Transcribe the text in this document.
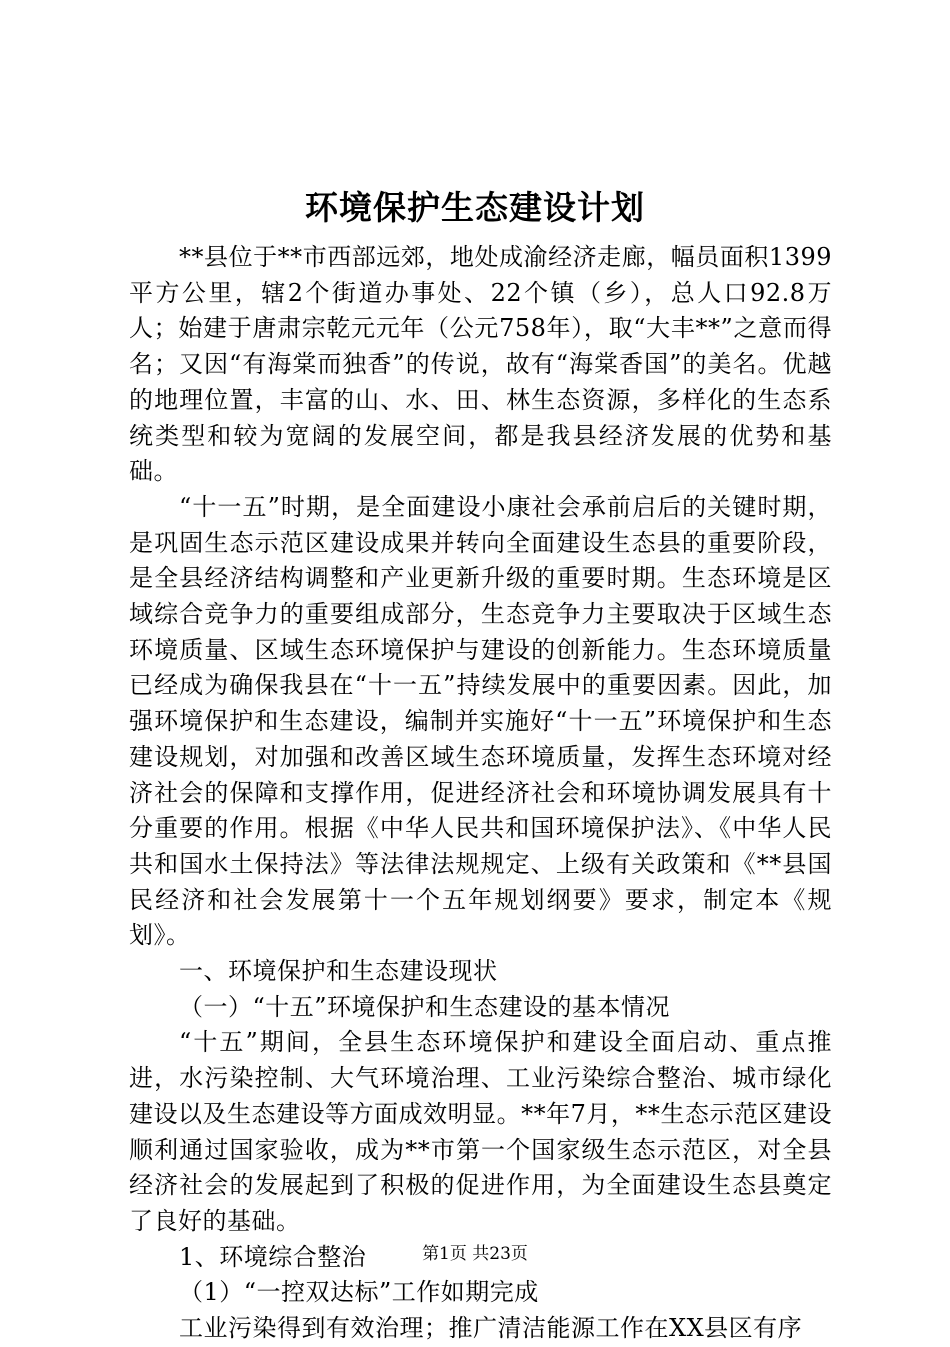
环境保护生态建设计划

**县位于**市西部远郊，地处成渝经济走廊，幅员面积1399平方公里，辖2个街道办事处、22个镇（乡），总人口92.8万人；始建于唐肃宗乾元元年（公元758年），取“大丰**”之意而得名；又因“有海棠而独香”的传说，故有“海棠香国”的美名。优越的地理位置，丰富的山、水、田、林生态资源，多样化的生态系统类型和较为宽阔的发展空间，都是我县经济发展的优势和基础。

“十一五”时期，是全面建设小康社会承前启后的关键时期，是巩固生态示范区建设成果并转向全面建设生态县的重要阶段，是全县经济结构调整和产业更新升级的重要时期。生态环境是区域综合竞争力的重要组成部分，生态竞争力主要取决于区域生态环境质量、区域生态环境保护与建设的创新能力。生态环境质量已经成为确保我县在“十一五”持续发展中的重要因素。因此，加强环境保护和生态建设，编制并实施好“十一五”环境保护和生态建设规划，对加强和改善区域生态环境质量，发挥生态环境对经济社会的保障和支撑作用，促进经济社会和环境协调发展具有十分重要的作用。根据《中华人民共和国环境保护法》、《中华人民共和国水土保持法》等法律法规规定、上级有关政策和《**县国民经济和社会发展第十一个五年规划纲要》要求，制定本《规划》。

一、环境保护和生态建设现状

（一）“十五”环境保护和生态建设的基本情况

“十五”期间，全县生态环境保护和建设全面启动、重点推进，水污染控制、大气环境治理、工业污染综合整治、城市绿化建设以及生态建设等方面成效明显。**年7月，**生态示范区建设顺利通过国家验收，成为**市第一个国家级生态示范区，对全县经济社会的发展起到了积极的促进作用，为全面建设生态县奠定了良好的基础。

1、环境综合整治

（1）“一控双达标”工作如期完成

工业污染得到有效治理；推广清洁能源工作在XX县区有序

第1页 共23页
